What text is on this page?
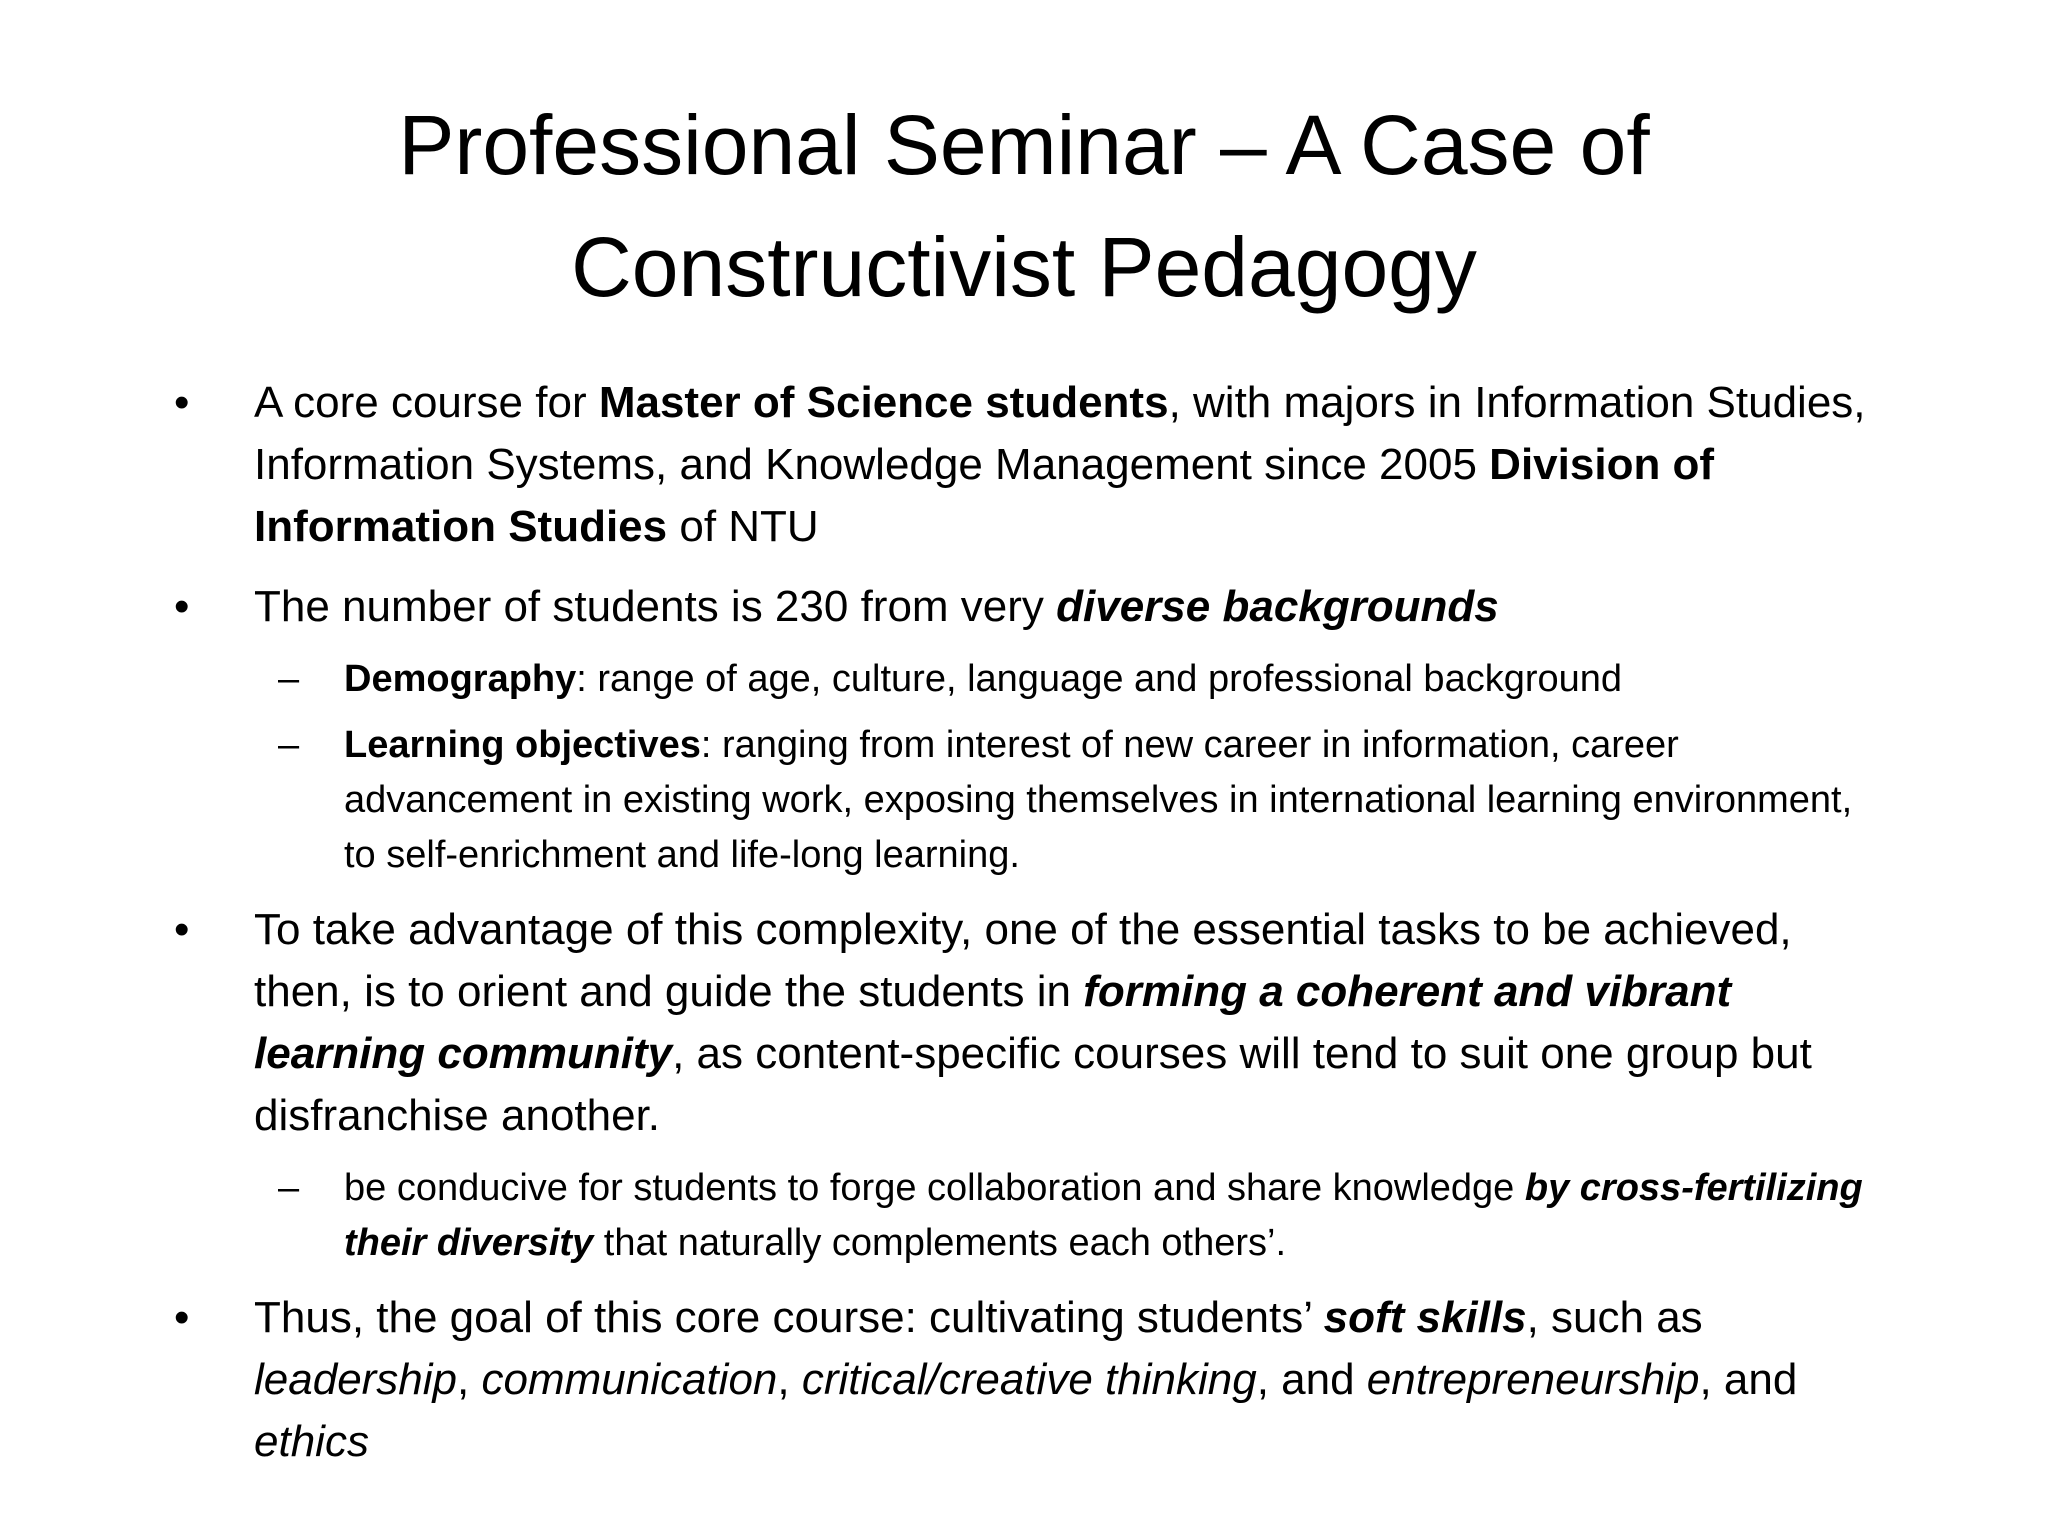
Professional Seminar – A Case of
Constructivist Pedagogy
•	A core course for Master of Science students, with majors in Information Studies, Information Systems, and Knowledge Management since 2005 Division of Information Studies of NTU
•	The number of students is 230 from very diverse backgrounds
– Demography: range of age, culture, language and professional background
– Learning objectives: ranging from interest of new career in information, career advancement in existing work, exposing themselves in international learning environment, to self-enrichment and life-long learning.
•	To take advantage of this complexity, one of the essential tasks to be achieved, then, is to orient and guide the students in forming a coherent and vibrant learning community, as content-specific courses will tend to suit one group but disfranchise another.
– be conducive for students to forge collaboration and share knowledge by cross-fertilizing their diversity that naturally complements each others’.
•	Thus, the goal of this core course: cultivating students’ soft skills, such as leadership, communication, critical/creative thinking, and entrepreneurship, and ethics
